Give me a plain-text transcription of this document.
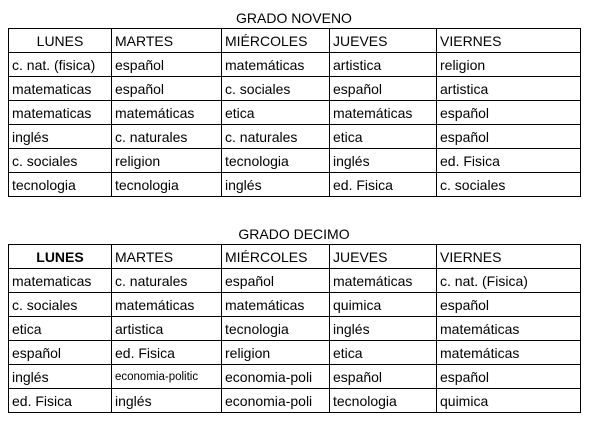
GRADO NOVENO
LUNES	MARTES	MIÉRCOLES	JUEVES	VIERNES
c. nat. (fisica)	español	matemáticas	artistica	religion
matematicas	español	c. sociales	español	artistica
matematicas	matemáticas	etica	matemáticas	español
inglés	c. naturales	c. naturales	etica	español
c. sociales	religion	tecnologia	inglés	ed. Fisica
tecnologia	tecnologia	inglés	ed. Fisica	c. sociales
GRADO DECIMO
LUNES	MARTES	MIÉRCOLES	JUEVES	VIERNES
matematicas	c. naturales	español	matemáticas	c. nat. (Fisica)
c. sociales	matemáticas	matemáticas	quimica	español
etica	artistica	tecnologia	inglés	matemáticas
español	ed. Fisica	religion	etica	matemáticas
inglés	economia-politic	economia-poli	español	español
ed. Fisica	inglés	economia-poli	tecnologia	quimica
